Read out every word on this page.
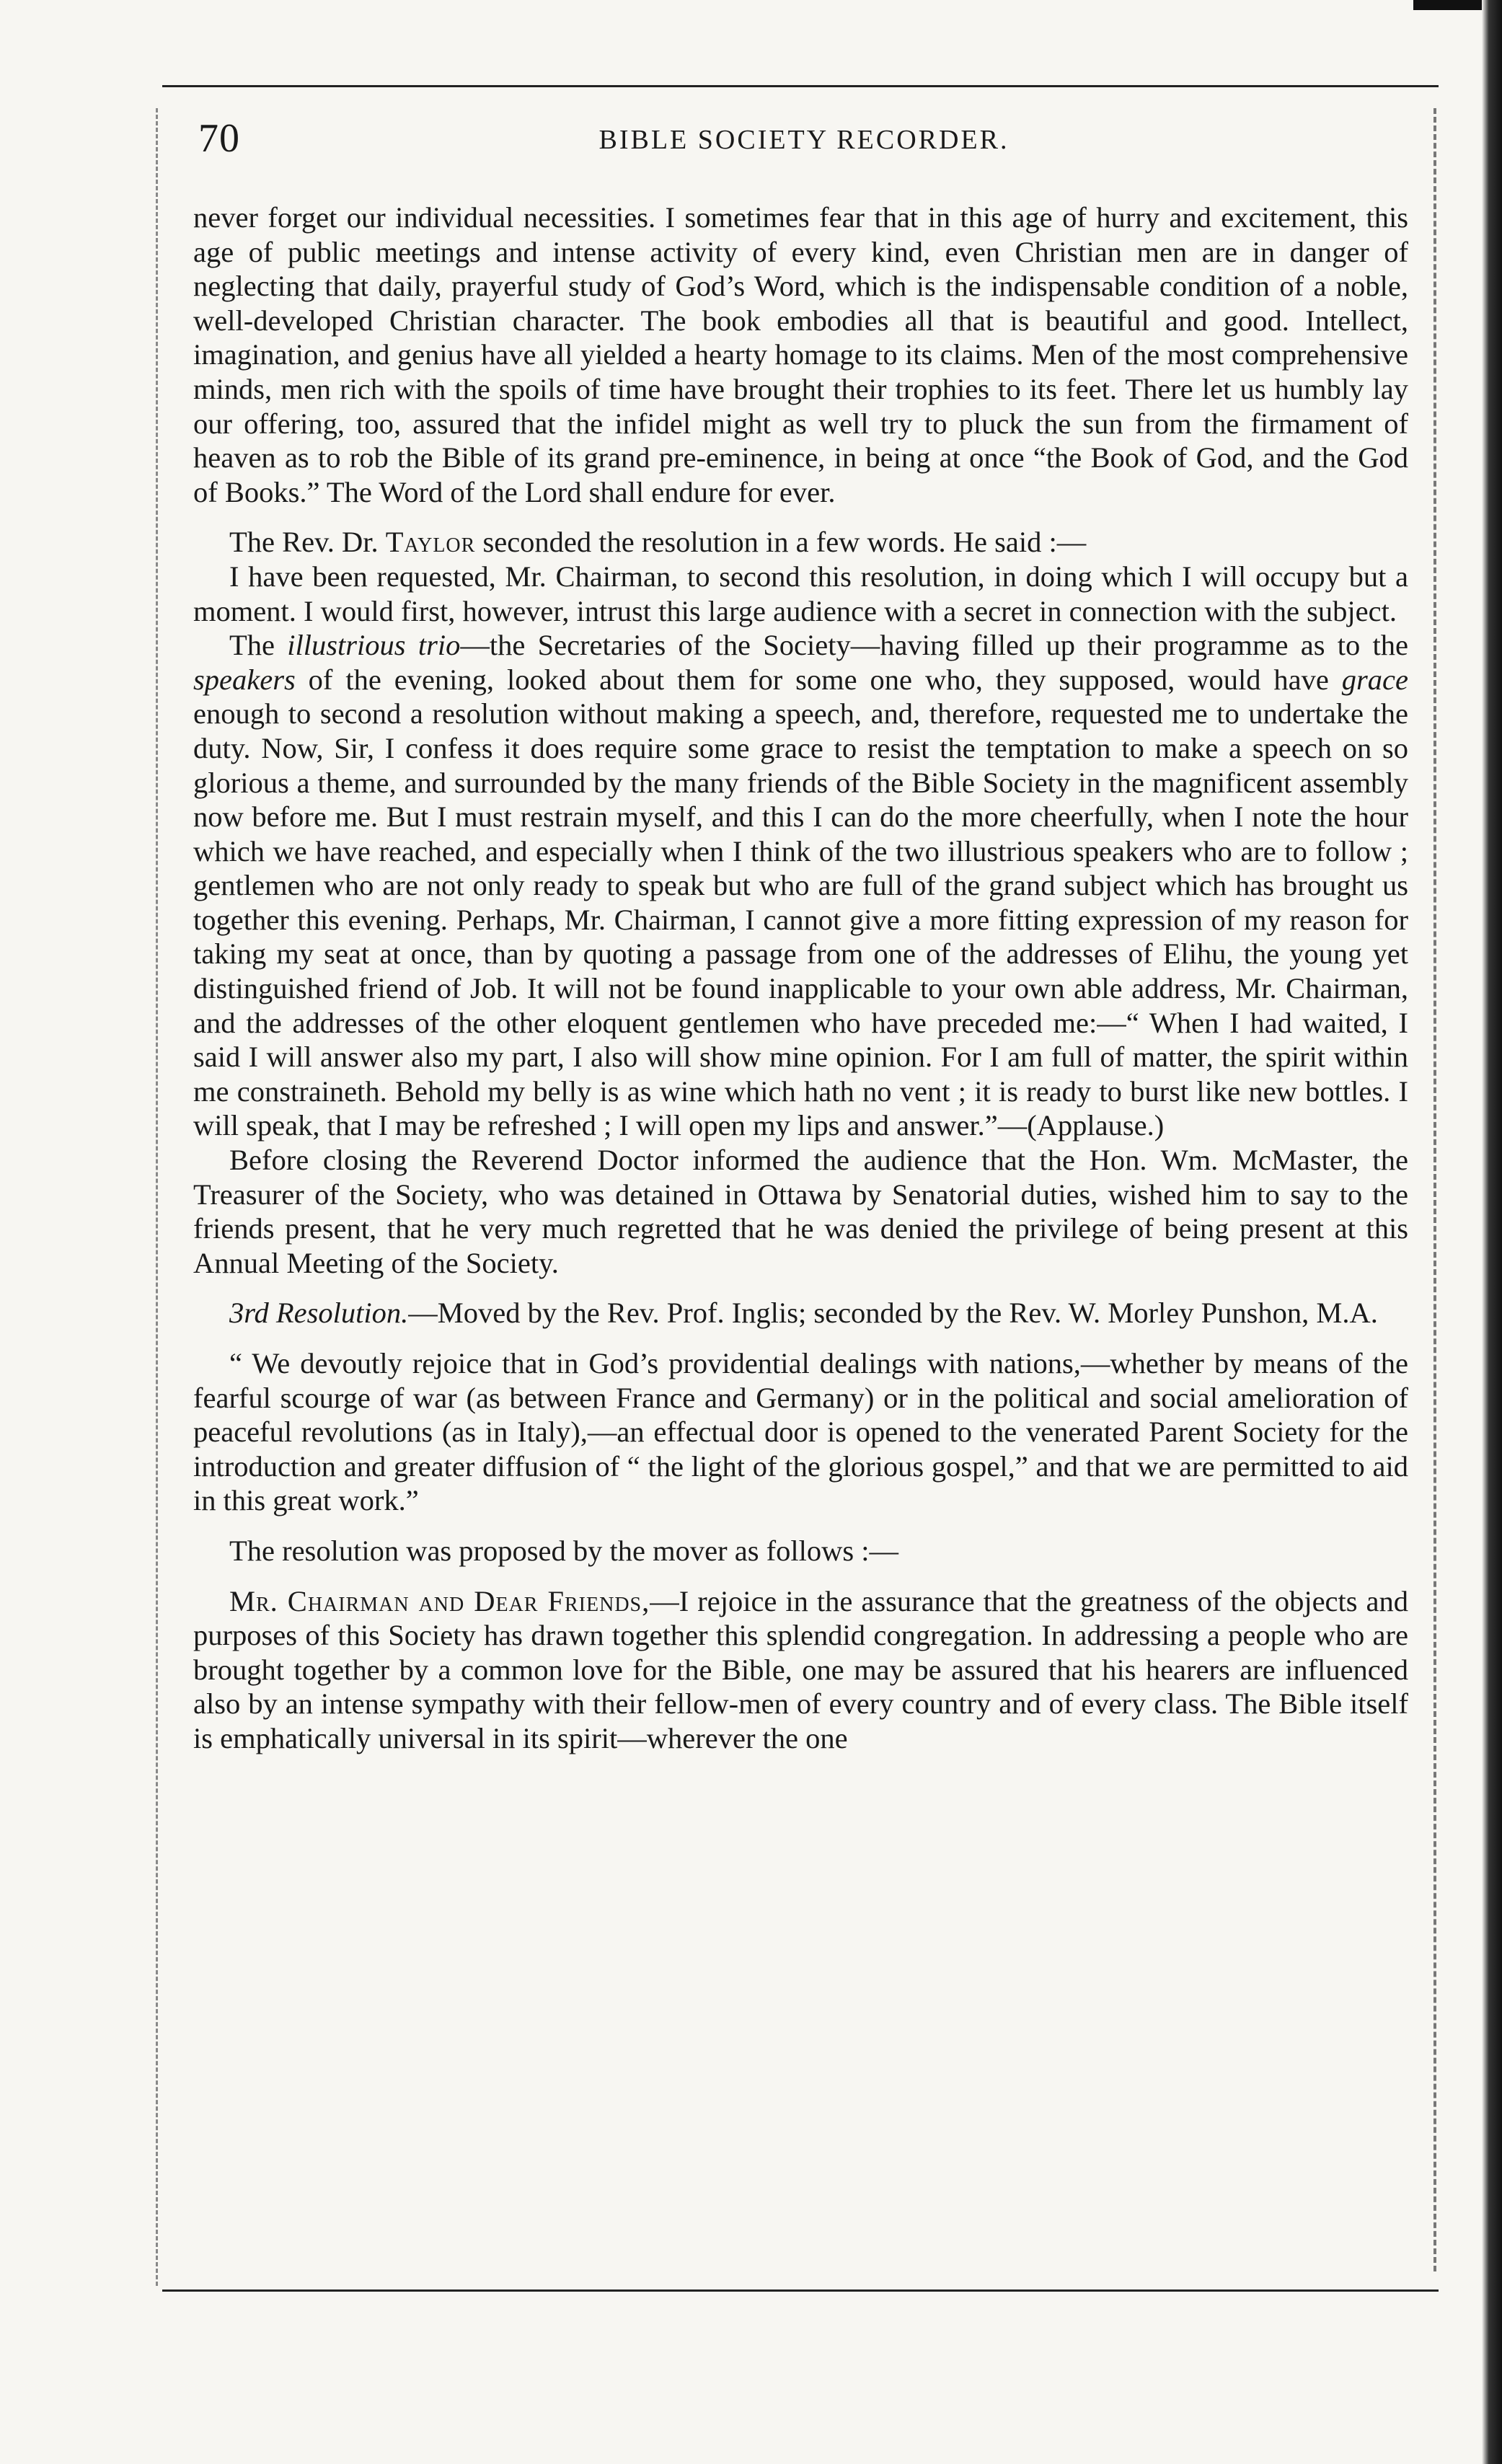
70	BIBLE SOCIETY RECORDER.

never forget our individual necessities. I sometimes fear that in this age of hurry and excitement, this age of public meetings and intense activity of every kind, even Christian men are in danger of neglecting that daily, prayerful study of God’s Word, which is the indispensable condition of a noble, well-developed Christian character. The book embodies all that is beautiful and good. Intellect, imagination, and genius have all yielded a hearty homage to its claims. Men of the most comprehensive minds, men rich with the spoils of time have brought their trophies to its feet. There let us humbly lay our offering, too, assured that the infidel might as well try to pluck the sun from the firmament of heaven as to rob the Bible of its grand pre-eminence, in being at once “the Book of God, and the God of Books.” The Word of the Lord shall endure for ever.

The Rev. Dr. Taylor seconded the resolution in a few words. He said :—

I have been requested, Mr. Chairman, to second this resolution, in doing which I will occupy but a moment. I would first, however, intrust this large audience with a secret in connection with the subject.

The illustrious trio—the Secretaries of the Society—having filled up their programme as to the speakers of the evening, looked about them for some one who, they supposed, would have grace enough to second a resolution without making a speech, and, therefore, requested me to undertake the duty. Now, Sir, I confess it does require some grace to resist the temptation to make a speech on so glorious a theme, and surrounded by the many friends of the Bible Society in the magnificent assembly now before me. But I must restrain myself, and this I can do the more cheerfully, when I note the hour which we have reached, and especially when I think of the two illustrious speakers who are to follow ; gentlemen who are not only ready to speak but who are full of the grand subject which has brought us together this evening. Perhaps, Mr. Chairman, I cannot give a more fitting expression of my reason for taking my seat at once, than by quoting a passage from one of the addresses of Elihu, the young yet distinguished friend of Job. It will not be found inapplicable to your own able address, Mr. Chairman, and the addresses of the other eloquent gentlemen who have preceded me:—“ When I had waited, I said I will answer also my part, I also will show mine opinion. For I am full of matter, the spirit within me constraineth. Behold my belly is as wine which hath no vent ; it is ready to burst like new bottles. I will speak, that I may be refreshed ; I will open my lips and answer.”—(Applause.)

Before closing the Reverend Doctor informed the audience that the Hon. Wm. McMaster, the Treasurer of the Society, who was detained in Ottawa by Senatorial duties, wished him to say to the friends present, that he very much regretted that he was denied the privilege of being present at this Annual Meeting of the Society.

3rd Resolution.—Moved by the Rev. Prof. Inglis; seconded by the Rev. W. Morley Punshon, M.A.

“ We devoutly rejoice that in God’s providential dealings with nations,—whether by means of the fearful scourge of war (as between France and Germany) or in the political and social amelioration of peaceful revolutions (as in Italy),—an effectual door is opened to the venerated Parent Society for the introduction and greater diffusion of “ the light of the glorious gospel,” and that we are permitted to aid in this great work.”

The resolution was proposed by the mover as follows :—

Mr. Chairman and Dear Friends,—I rejoice in the assurance that the greatness of the objects and purposes of this Society has drawn together this splendid congregation. In addressing a people who are brought together by a common love for the Bible, one may be assured that his hearers are influenced also by an intense sympathy with their fellow-men of every country and of every class. The Bible itself is emphatically universal in its spirit—wherever the one
